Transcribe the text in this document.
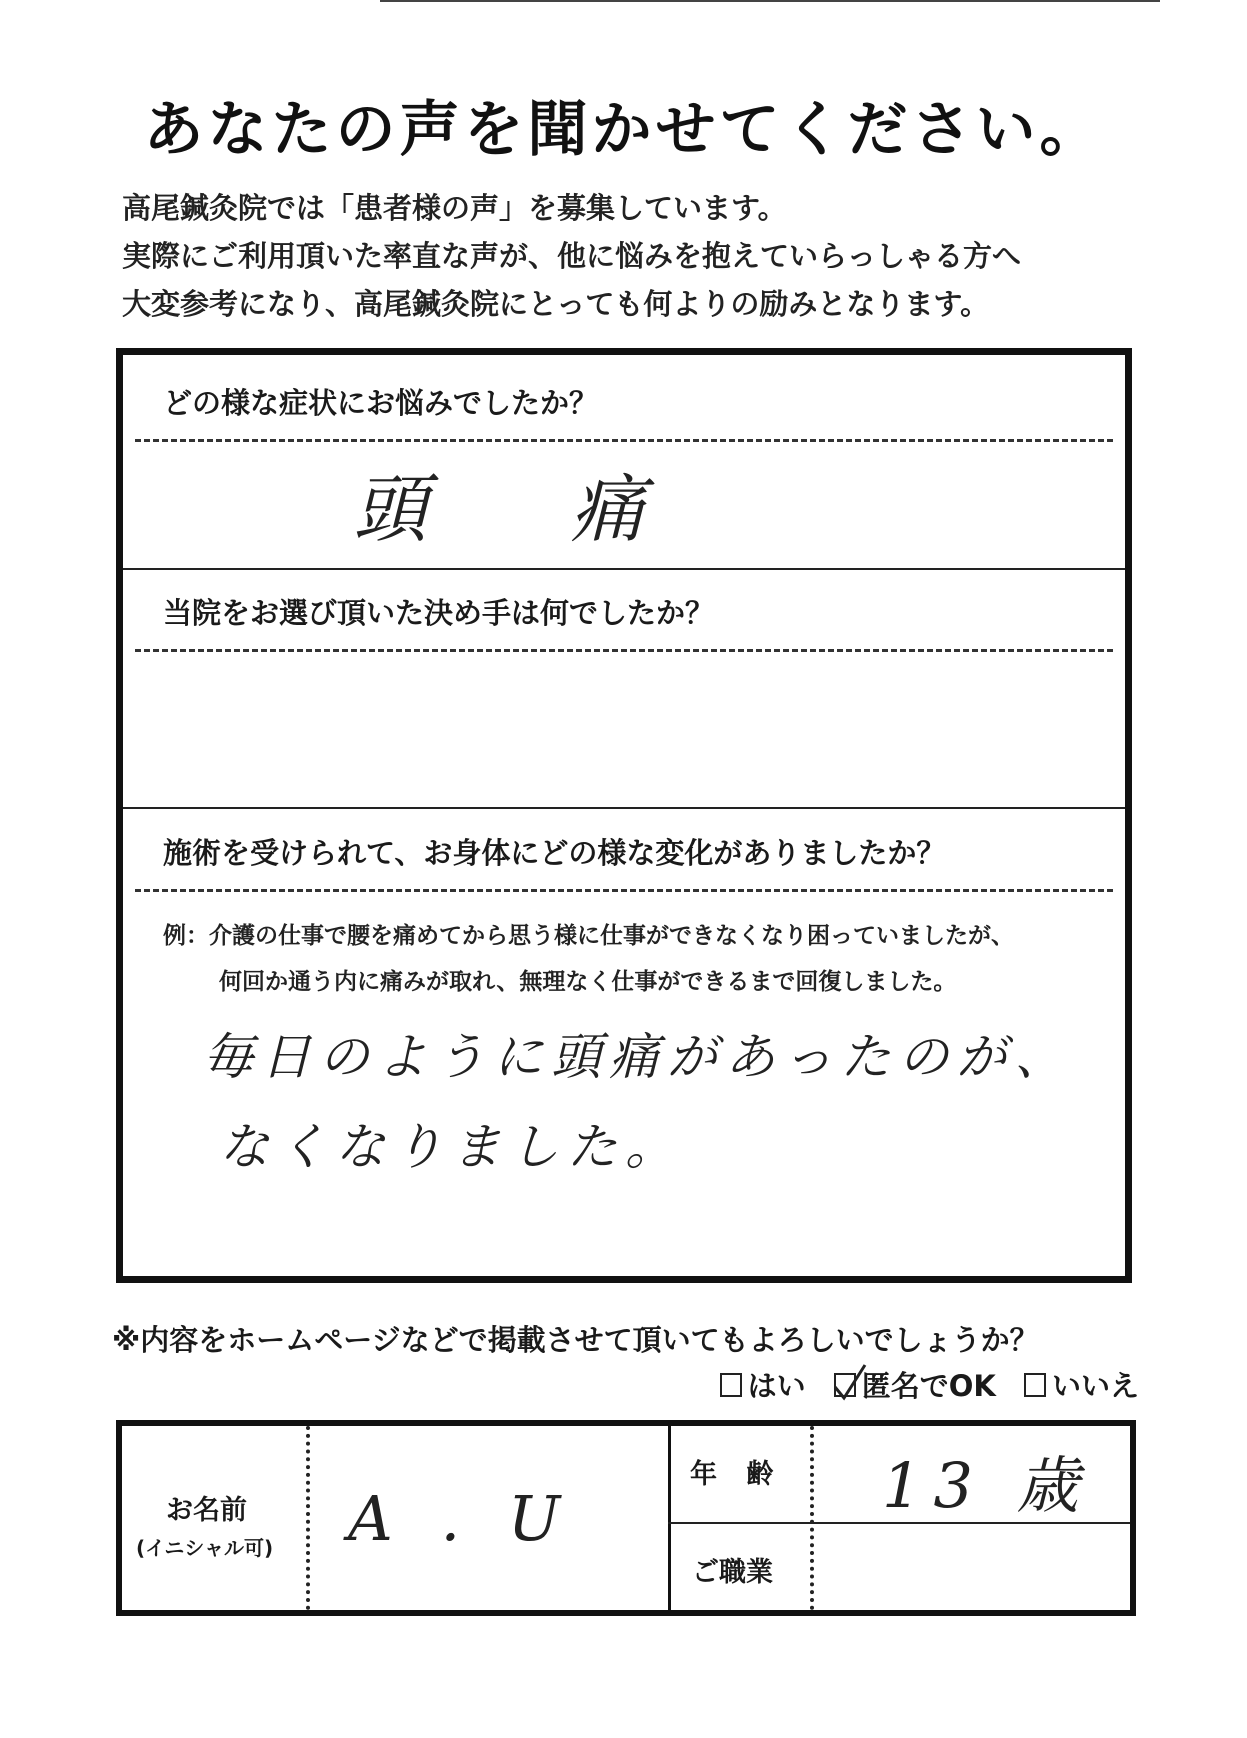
あなたの声を聞かせてください。
高尾鍼灸院では「患者様の声」を募集しています。
実際にご利用頂いた率直な声が、他に悩みを抱えていらっしゃる方へ
大変参考になり、高尾鍼灸院にとっても何よりの励みとなります。
どの様な症状にお悩みでしたか？
頭 痛
当院をお選び頂いた決め手は何でしたか？
施術を受けられて、お身体にどの様な変化がありましたか？
例：介護の仕事で腰を痛めてから思う様に仕事ができなくなり困っていましたが、
何回か通う内に痛みが取れ、無理なく仕事ができるまで回復しました。
毎日のように頭痛があったのが、
なくなりました。
※内容をホームページなどで掲載させて頂いてもよろしいでしょうか？
はい
匿名でOK
いいえ
お名前
(イニシャル可) A . U
年 齢 13 歳
ご職業
